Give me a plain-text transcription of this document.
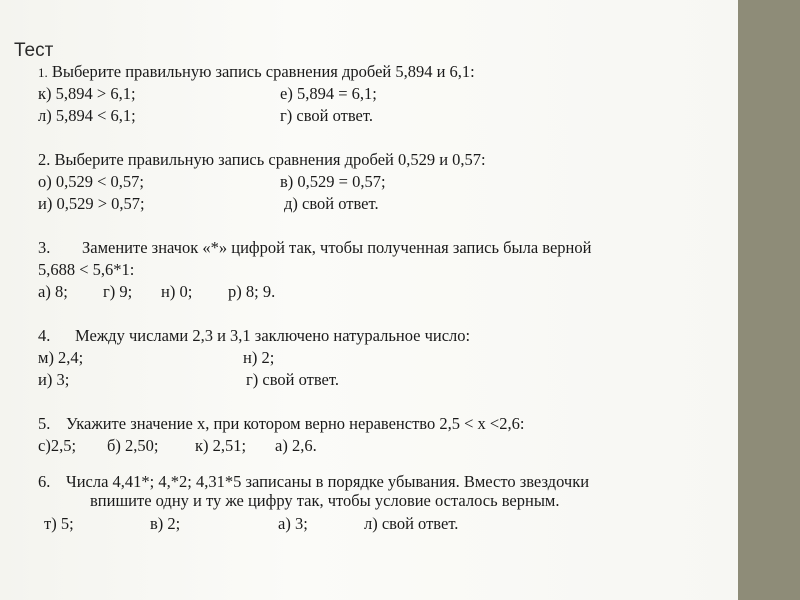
Тест
1. Выберите правильную запись сравнения дробей 5,894 и 6,1:
к) 5,894 > 6,1;	е) 5,894 = 6,1;
л) 5,894 < 6,1;	г) свой ответ.
2. Выберите правильную запись сравнения дробей 0,529 и 0,57:
о) 0,529 < 0,57;	в) 0,529 = 0,57;
и) 0,529 > 0,57;	д) свой ответ.
3. Замените значок «*» цифрой так, чтобы полученная запись была верной
5,688 < 5,6*1:
а) 8; г) 9; н) 0; р) 8; 9.
4. Между числами 2,3 и 3,1 заключено натуральное число:
м) 2,4;	н) 2;
и) 3;	г) свой ответ.
5. Укажите значение x, при котором верно неравенство 2,5 < x <2,6:
с)2,5; б) 2,50; к) 2,51; а) 2,6.
6. Числа 4,41*; 4,*2; 4,31*5 записаны в порядке убывания. Вместо звездочки
впишите одну и ту же цифру так, чтобы условие осталось верным.
т) 5;	в) 2;	а) 3;	л) свой ответ.
